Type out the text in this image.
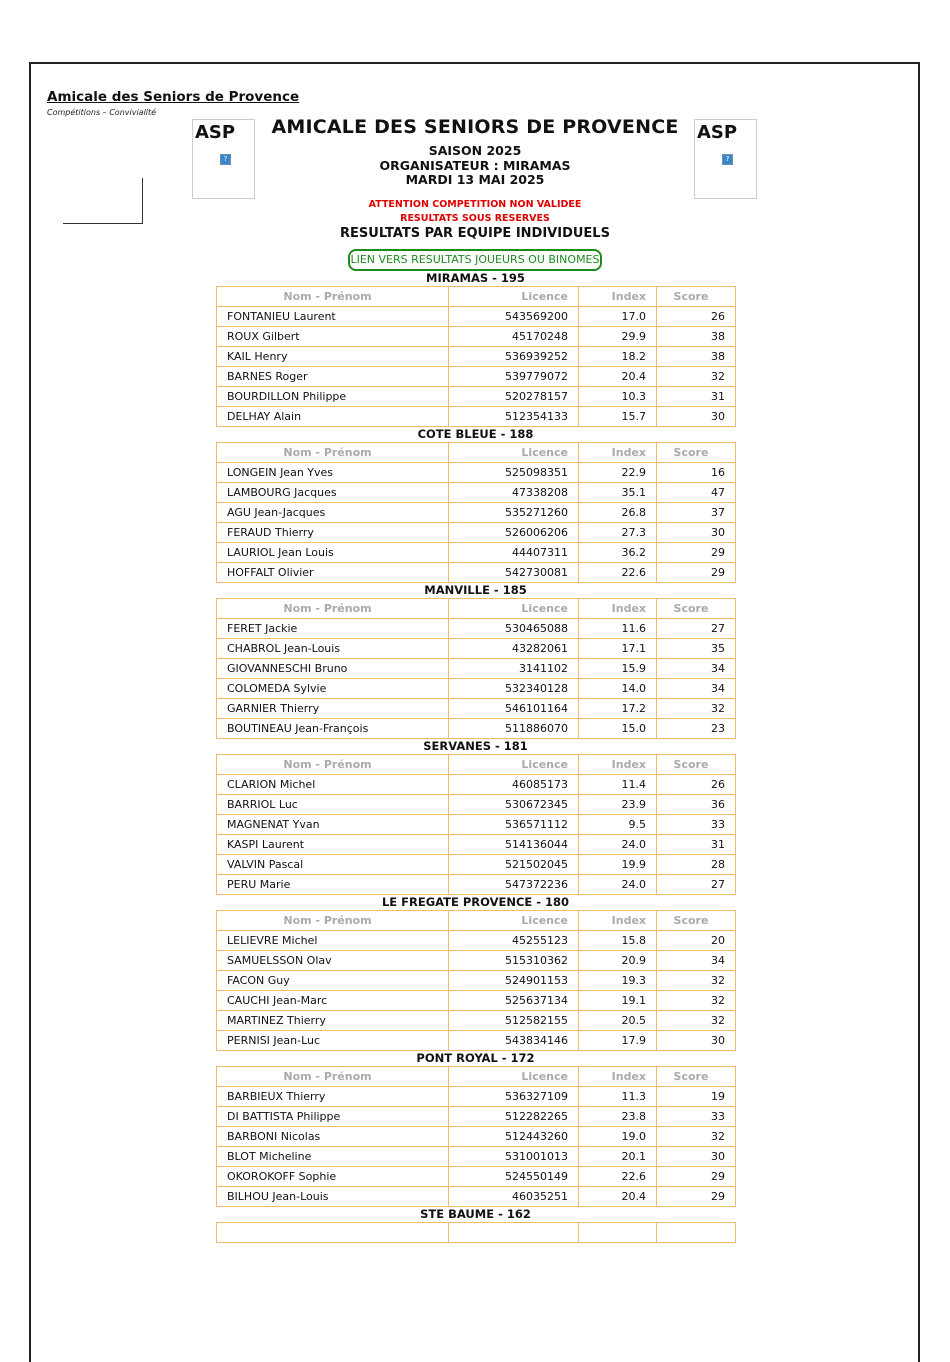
Amicale des Seniors de Provence
Compétitions – Convivialité
ASP
?
ASP
?
AMICALE DES SENIORS DE PROVENCE
SAISON 2025
ORGANISATEUR : MIRAMAS
MARDI 13 MAI 2025
ATTENTION COMPETITION NON VALIDEE
RESULTATS SOUS RESERVES
RESULTATS PAR EQUIPE INDIVIDUELS
LIEN VERS RESULTATS JOUEURS OU BINOMES
MIRAMAS - 195
Nom - Prénom	Licence	Index	Score
FONTANIEU Laurent	543569200	17.0	26
ROUX Gilbert	45170248	29.9	38
KAIL Henry	536939252	18.2	38
BARNES Roger	539779072	20.4	32
BOURDILLON Philippe	520278157	10.3	31
DELHAY Alain	512354133	15.7	30
COTE BLEUE - 188
Nom - Prénom	Licence	Index	Score
LONGEIN Jean Yves	525098351	22.9	16
LAMBOURG Jacques	47338208	35.1	47
AGU Jean-Jacques	535271260	26.8	37
FERAUD Thierry	526006206	27.3	30
LAURIOL Jean Louis	44407311	36.2	29
HOFFALT Olivier	542730081	22.6	29
MANVILLE - 185
Nom - Prénom	Licence	Index	Score
FERET Jackie	530465088	11.6	27
CHABROL Jean-Louis	43282061	17.1	35
GIOVANNESCHI Bruno	3141102	15.9	34
COLOMEDA Sylvie	532340128	14.0	34
GARNIER Thierry	546101164	17.2	32
BOUTINEAU Jean-François	511886070	15.0	23
SERVANES - 181
Nom - Prénom	Licence	Index	Score
CLARION Michel	46085173	11.4	26
BARRIOL Luc	530672345	23.9	36
MAGNENAT Yvan	536571112	9.5	33
KASPI Laurent	514136044	24.0	31
VALVIN Pascal	521502045	19.9	28
PERU Marie	547372236	24.0	27
LE FREGATE PROVENCE - 180
Nom - Prénom	Licence	Index	Score
LELIEVRE Michel	45255123	15.8	20
SAMUELSSON Olav	515310362	20.9	34
FACON Guy	524901153	19.3	32
CAUCHI Jean-Marc	525637134	19.1	32
MARTINEZ Thierry	512582155	20.5	32
PERNISI Jean-Luc	543834146	17.9	30
PONT ROYAL - 172
Nom - Prénom	Licence	Index	Score
BARBIEUX Thierry	536327109	11.3	19
DI BATTISTA Philippe	512282265	23.8	33
BARBONI Nicolas	512443260	19.0	32
BLOT Micheline	531001013	20.1	30
OKOROKOFF Sophie	524550149	22.6	29
BILHOU Jean-Louis	46035251	20.4	29
STE BAUME - 162
